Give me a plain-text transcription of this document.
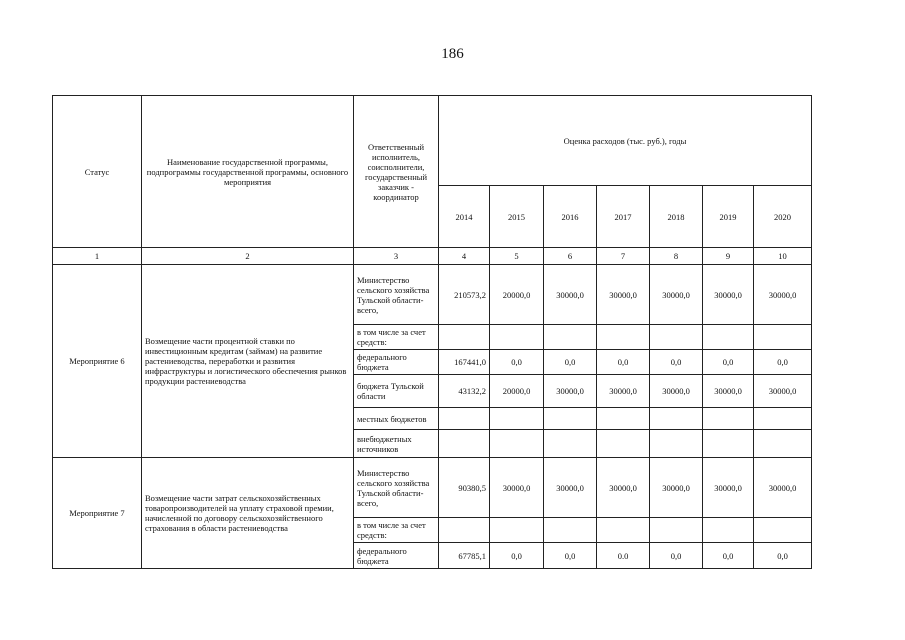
186
Статус	Наименование государственной программы, подпрограммы государственной программы, основного мероприятия	Ответственный исполнитель, соисполнители, государственный заказчик - координатор	Оценка расходов (тыс. руб.), годы						
			2014	2015	2016	2017	2018	2019	2020
1	2	3	4	5	6	7	8	9	10
Мероприятие 6	Возмещение части процентной ставки по инвестиционным кредитам (займам) на развитие растениеводства, переработки и развития инфраструктуры и логистического обеспечения рынков продукции растениеводства	Министерство сельского хозяйства Тульской области- всего,	210573,2	20000,0	30000,0	30000,0	30000,0	30000,0	30000,0
		в том числе за счет средств:							
		федерального бюджета	167441,0	0,0	0,0	0,0	0,0	0,0	0,0
		бюджета Тульской области	43132,2	20000,0	30000,0	30000,0	30000,0	30000,0	30000,0
		местных бюджетов							
		внебюджетных источников							
Мероприятие 7	Возмещение части затрат сельскохозяйственных товаропроизводителей на уплату страховой премии, начисленной по договору сельскохозяйственного страхования в области растениеводства	Министерство сельского хозяйства Тульской области- всего,	90380,5	30000,0	30000,0	30000,0	30000,0	30000,0	30000,0
		в том числе за счет средств:							
		федерального бюджета	67785,1	0,0	0,0	0.0	0,0	0,0	0,0
